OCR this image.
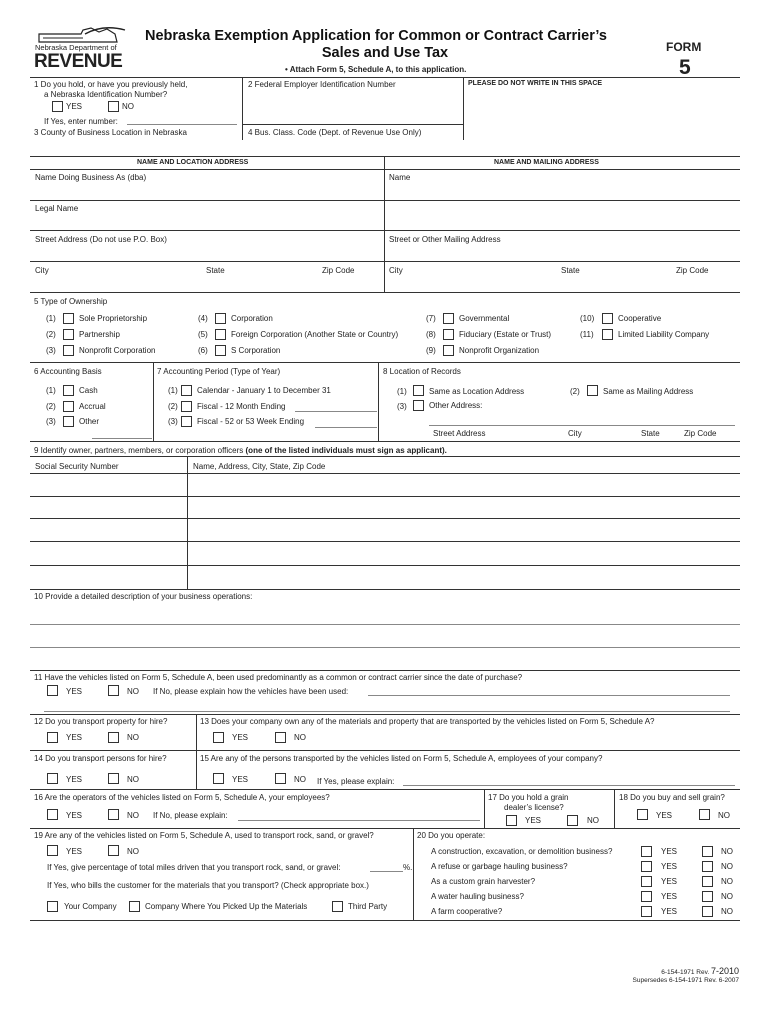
Nebraska Department of
REVENUE
Nebraska Exemption Application for Common or Contract Carrier’s
Sales and Use Tax
• Attach Form 5, Schedule A, to this application.
FORM
5
1 Do you hold, or have you previously held,
a Nebraska Identification Number?
YES	NO
If Yes, enter number:
2 Federal Employer Identification Number	PLEASE DO NOT WRITE IN THIS SPACE
3 County of Business Location in Nebraska	4 Bus. Class. Code (Dept. of Revenue Use Only)
NAME AND LOCATION ADDRESS	NAME AND MAILING ADDRESS
Name Doing Business As (dba)	Name
Legal Name
Street Address (Do not use P.O. Box)	Street or Other Mailing Address
City	State	Zip Code	City	State	Zip Code
5 Type of Ownership
(1)	Sole Proprietorship
(2)	Partnership
(3)	Nonprofit Corporation
(4)	Corporation
(5)	Foreign Corporation (Another State or Country)
(6)	S Corporation
(7)	Governmental
(8)	Fiduciary (Estate or Trust)
(9)	Nonprofit Organization
(10)	Cooperative
(11)	Limited Liability Company
6 Accounting Basis	7 Accounting Period (Type of Year)	8 Location of Records
(1)	Cash
(2)	Accrual
(3)	Other
(1) Calendar - January 1 to December 31
(2) Fiscal - 12 Month Ending
(3) Fiscal - 52 or 53 Week Ending
(1)	Same as Location Address	(2)	Same as Mailing Address
(3)	Other Address:
Street Address	City	State	Zip Code
9 Identify owner, partners, members, or corporation officers (one of the listed individuals must sign as applicant).
Social Security Number	Name, Address, City, State, Zip Code
10 Provide a detailed description of your business operations:
11 Have the vehicles listed on Form 5, Schedule A, been used predominantly as a common or contract carrier since the date of purchase?
YES	NO If No, please explain how the vehicles have been used:
12 Do you transport property for hire?
YES	NO
13 Does your company own any of the materials and property that are transported by the vehicles listed on Form 5, Schedule A?
YES	NO
14 Do you transport persons for hire?
YES	NO
15 Are any of the persons transported by the vehicles listed on Form 5, Schedule A, employees of your company?
YES	NO If Yes, please explain:
16 Are the operators of the vehicles listed on Form 5, Schedule A, your employees?
YES	NO If No, please explain:
17 Do you hold a grain
dealer’s license?
YES	NO
18 Do you buy and sell grain?
YES	NO
19 Are any of the vehicles listed on Form 5, Schedule A, used to transport rock, sand, or gravel?
YES	NO
If Yes, give percentage of total miles driven that you transport rock, sand, or gravel:	%.
If Yes, who bills the customer for the materials that you transport? (Check appropriate box.)
Your Company	Company Where You Picked Up the Materials	Third Party
20 Do you operate:
A construction, excavation, or demolition business?	YES	NO
A refuse or garbage hauling business?	YES	NO
As a custom grain harvester?	YES	NO
A water hauling business?	YES	NO
A farm cooperative?	YES	NO
6-154-1971 Rev. 7-2010
Supersedes 6-154-1971 Rev. 6-2007
